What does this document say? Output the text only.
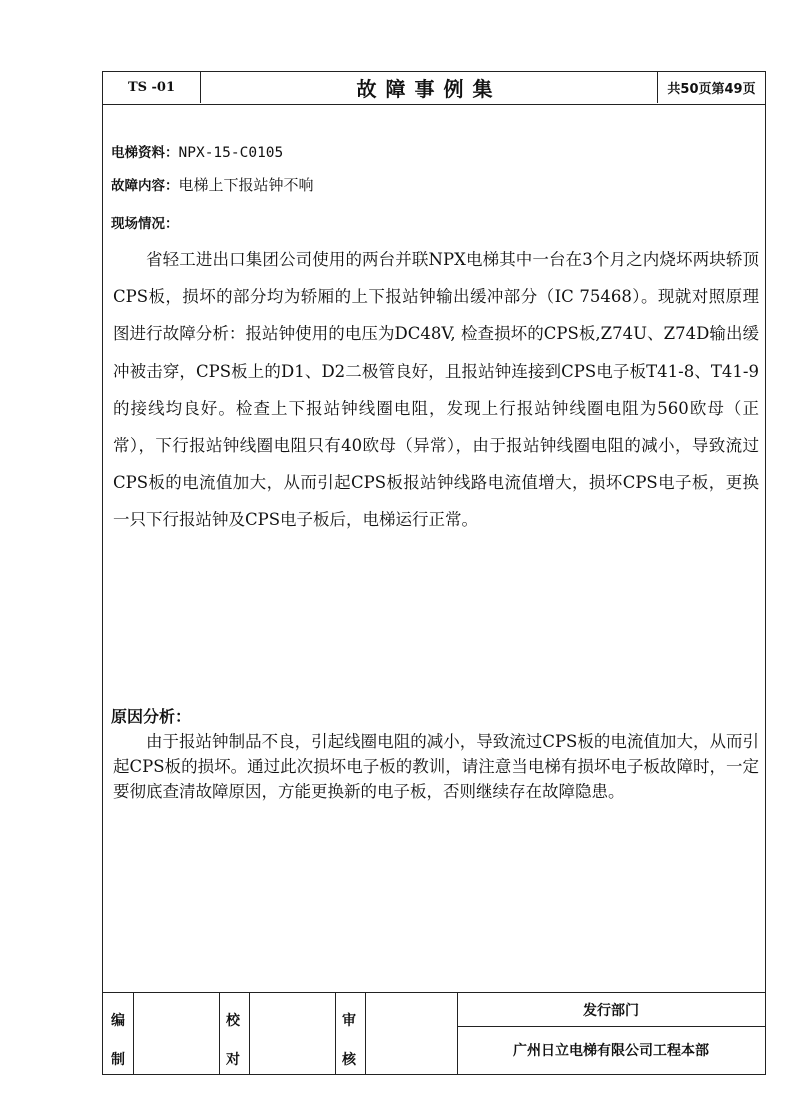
TS -01	故障事例集	共50页第49页
电梯资料：NPX-15-C0105
故障内容：电梯上下报站钟不响
现场情况：

省轻工进出口集团公司使用的两台并联NPX电梯其中一台在3个月之内烧坏两块轿顶CPS板，损坏的部分均为轿厢的上下报站钟输出缓冲部分（IC 75468）。现就对照原理图进行故障分析：报站钟使用的电压为DC48V, 检查损坏的CPS板,Z74U、Z74D输出缓冲被击穿，CPS板上的D1、D2二极管良好，且报站钟连接到CPS电子板T41-8、T41-9的接线均良好。检查上下报站钟线圈电阻，发现上行报站钟线圈电阻为560欧母（正常），下行报站钟线圈电阻只有40欧母（异常），由于报站钟线圈电阻的减小，导致流过CPS板的电流值加大，从而引起CPS板报站钟线路电流值增大，损坏CPS电子板，更换一只下行报站钟及CPS电子板后，电梯运行正常。

原因分析：

由于报站钟制品不良，引起线圈电阻的减小，导致流过CPS板的电流值加大，从而引起CPS板的损坏。通过此次损坏电子板的教训，请注意当电梯有损坏电子板故障时，一定要彻底查清故障原因，方能更换新的电子板，否则继续存在故障隐患。

编
制
校
对
审
核
发行部门
广州日立电梯有限公司工程本部
